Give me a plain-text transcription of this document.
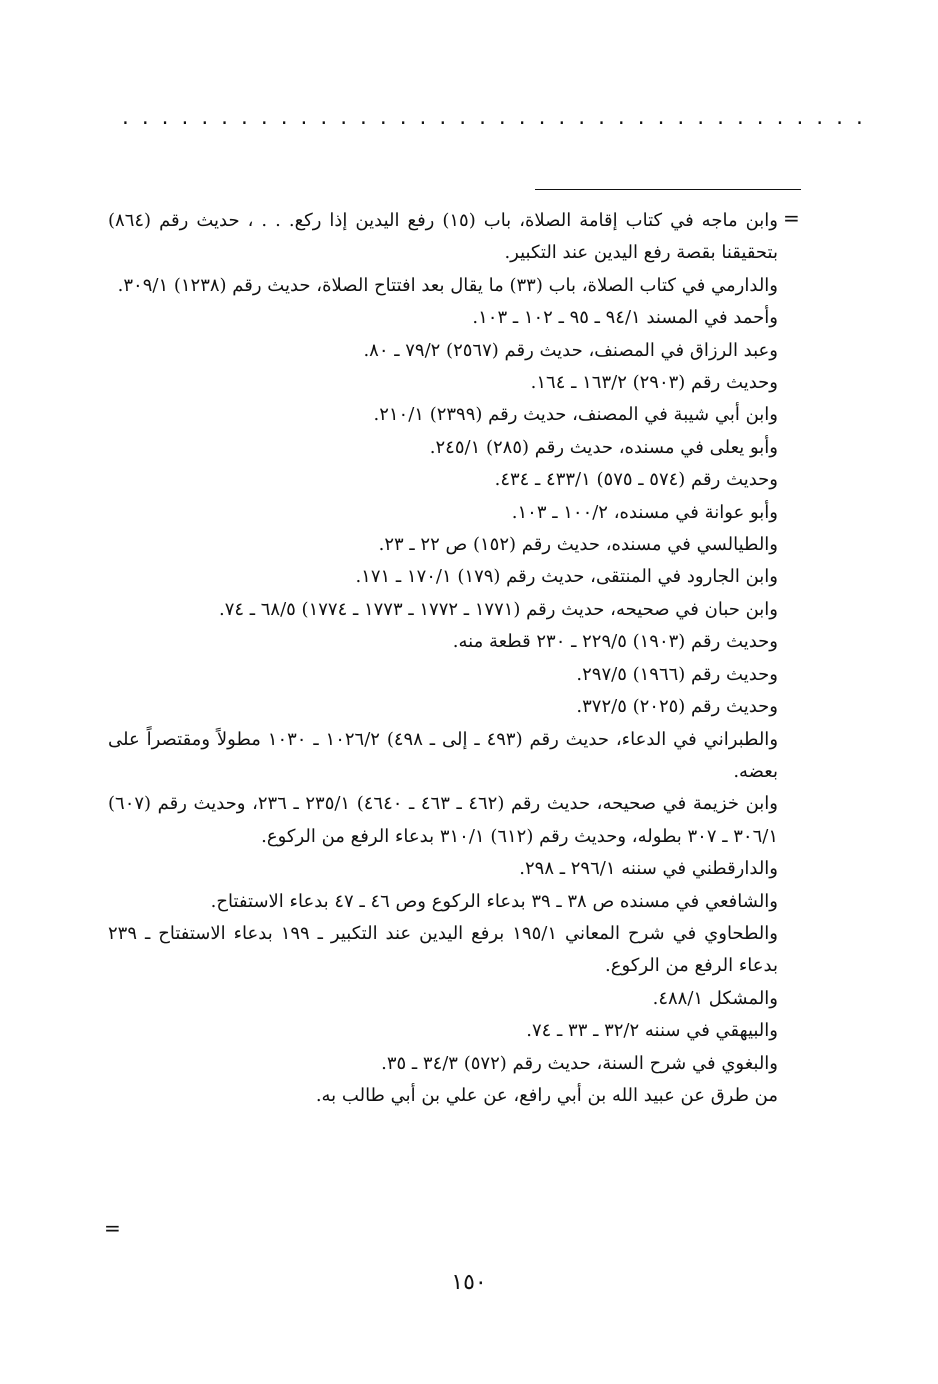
......................................
=
وابن ماجه في كتاب إقامة الصلاة، باب (١٥) رفع اليدين إذا ركع. . . ، حديث رقم (٨٦٤) بتحقيقنا بقصة رفع اليدين عند التكبير.
والدارمي في كتاب الصلاة، باب (٣٣) ما يقال بعد افتتاح الصلاة، حديث رقم (١٢٣٨) ٣٠٩/١.
وأحمد في المسند ٩٤/١ ـ ٩٥ ـ ١٠٢ ـ ١٠٣.
وعبد الرزاق في المصنف، حديث رقم (٢٥٦٧) ٧٩/٢ ـ ٨٠.
وحديث رقم (٢٩٠٣) ١٦٣/٢ ـ ١٦٤.
وابن أبي شيبة في المصنف، حديث رقم (٢٣٩٩) ٢١٠/١.
وأبو يعلى في مسنده، حديث رقم (٢٨٥) ٢٤٥/١.
وحديث رقم (٥٧٤ ـ ٥٧٥) ٤٣٣/١ ـ ٤٣٤.
وأبو عوانة في مسنده، ١٠٠/٢ ـ ١٠٣.
والطيالسي في مسنده، حديث رقم (١٥٢) ص ٢٢ ـ ٢٣.
وابن الجارود في المنتقى، حديث رقم (١٧٩) ١٧٠/١ ـ ١٧١.
وابن حبان في صحيحه، حديث رقم (١٧٧١ ـ ١٧٧٢ ـ ١٧٧٣ ـ ١٧٧٤) ٦٨/٥ ـ ٧٤.
وحديث رقم (١٩٠٣) ٢٢٩/٥ ـ ٢٣٠ قطعة منه.
وحديث رقم (١٩٦٦) ٢٩٧/٥.
وحديث رقم (٢٠٢٥) ٣٧٢/٥.
والطبراني في الدعاء، حديث رقم (٤٩٣ ـ إلى ـ ٤٩٨) ١٠٢٦/٢ ـ ١٠٣٠ مطولاً ومقتصراً على بعضه.
وابن خزيمة في صحيحه، حديث رقم (٤٦٢ ـ ٤٦٣ ـ ٤٦٤٠) ٢٣٥/١ ـ ٢٣٦، وحديث رقم (٦٠٧) ٣٠٦/١ ـ ٣٠٧ بطوله، وحديث رقم (٦١٢) ٣١٠/١ بدعاء الرفع من الركوع.
والدارقطني في سننه ٢٩٦/١ ـ ٢٩٨.
والشافعي في مسنده ص ٣٨ ـ ٣٩ بدعاء الركوع وص ٤٦ ـ ٤٧ بدعاء الاستفتاح.
والطحاوي في شرح المعاني ١٩٥/١ برفع اليدين عند التكبير ـ ١٩٩ بدعاء الاستفتاح ـ ٢٣٩ بدعاء الرفع من الركوع.
والمشكل ٤٨٨/١.
والبيهقي في سننه ٣٢/٢ ـ ٣٣ ـ ٧٤.
والبغوي في شرح السنة، حديث رقم (٥٧٢) ٣٤/٣ ـ ٣٥.
من طرق عن عبيد الله بن أبي رافع، عن علي بن أبي طالب به.
=
١٥٠
